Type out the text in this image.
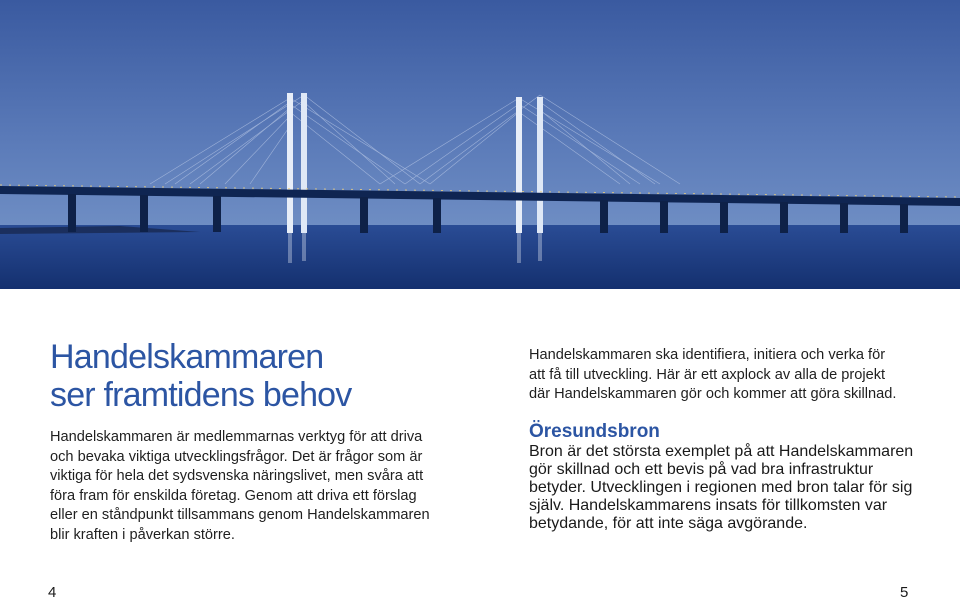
Handelskammaren
ser framtidens behov
Handelskammaren är medlemmarnas verktyg för att driva
och bevaka viktiga utvecklingsfrågor. Det är frågor som är
viktiga för hela det sydsvenska näringslivet, men svåra att
föra fram för enskilda företag. Genom att driva ett förslag
eller en ståndpunkt tillsammans genom Handelskammaren
blir kraften i påverkan större.
Handelskammaren ska identifiera, initiera och verka för
att få till utveckling. Här är ett axplock av alla de projekt
där Handelskammaren gör och kommer att göra skillnad.
Öresundsbron
Bron är det största exemplet på att Handelskammaren gör skillnad och ett bevis på vad bra infrastruktur betyder. Utvecklingen i regionen med bron talar för sig själv. Handelskammarens insats för tillkomsten var betydande, för att inte säga avgörande.
4	5
